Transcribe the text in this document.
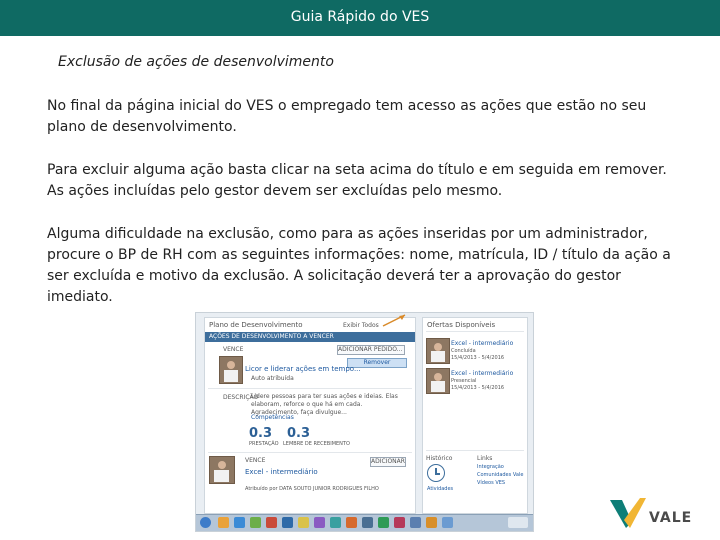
Guia Rápido do VES
Exclusão de ações de desenvolvimento
No final da página inicial do VES o empregado tem acesso as ações que estão no seu plano de desenvolvimento.
Para excluir alguma ação basta clicar na seta acima do título e em seguida em remover. As ações incluídas pelo gestor devem ser excluídas pelo mesmo.
Alguma dificuldade na exclusão, como para as ações inseridas por um administrador, procure o BP de RH com as seguintes informações: nome, matrícula, ID / título da ação a ser excluída e motivo da exclusão. A solicitação deverá ter a aprovação do gestor imediato.
Plano de Desenvolvimento	Exibir Todos
AÇÕES DE DESENVOLVIMENTO A VENCER
VENCE	ADICIONAR PEDIDO...
Remover
Licor e liderar ações em tempo...
Auto atribuída
DESCRIÇÃO
Lidere pessoas para ter suas ações e ideias. Elas elaboram, reforce o que há em cada. Agradecimento, faça divulgue...
Competências
0.3
PRESTAÇÃO
0.3
LEMBRE DE RECEBIMENTO
VENCE	ADICIONAR
Excel - intermediário
Atribuído por DATA SOUTO JUNIOR RODRIGUES FILHO
Ofertas Disponíveis
Excel - intermediário
Concluída
15/4/2013 - 5/4/2016
Excel - intermediário
Presencial
15/4/2013 - 5/4/2016
Histórico
Atividades
Links
Integração
Comunidades Vale
Vídeos VES
VALE
